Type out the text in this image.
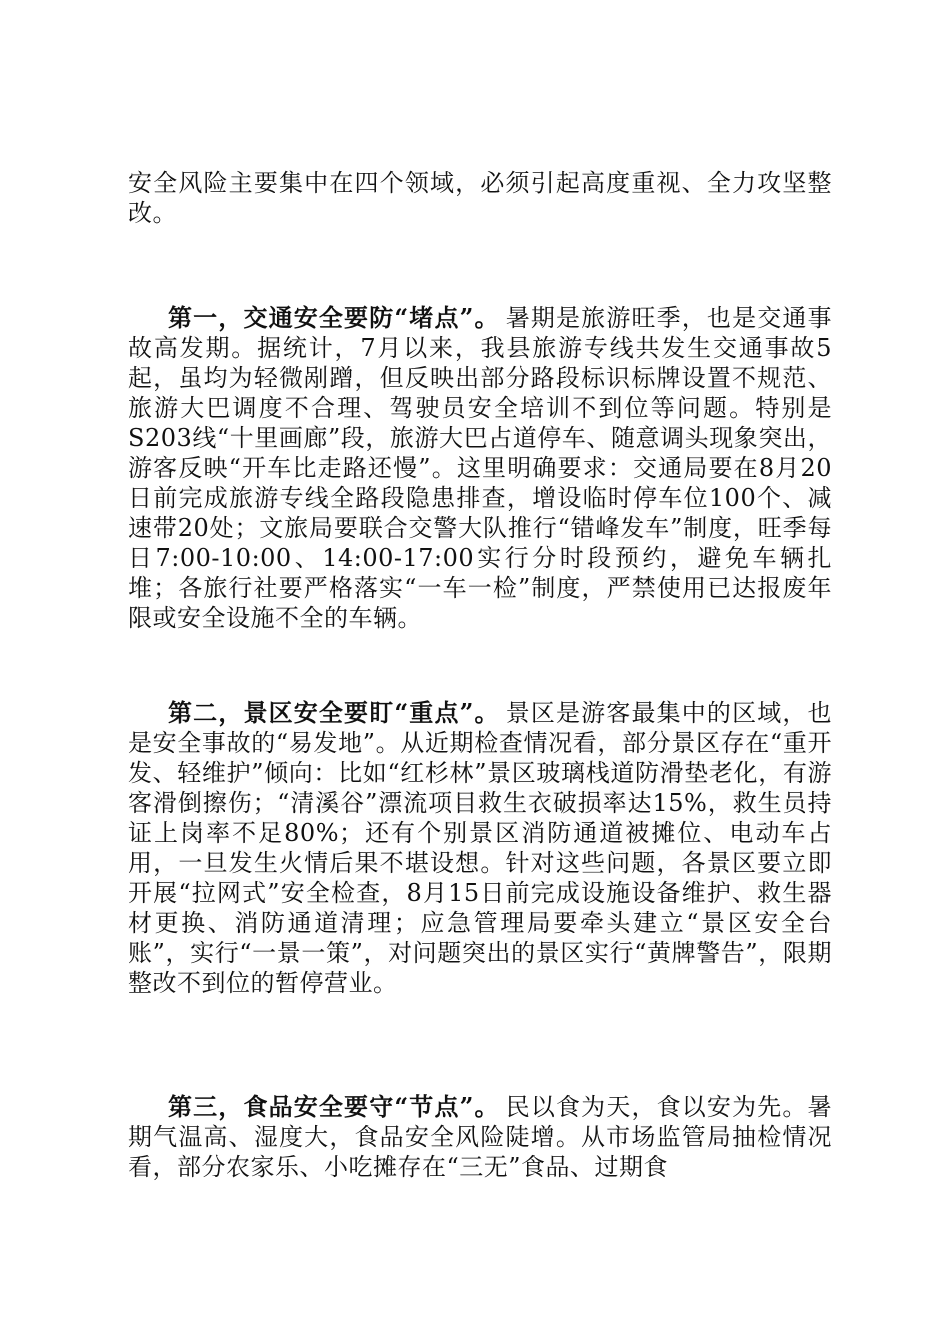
安全风险主要集中在四个领域，必须引起高度重视、全力攻坚整改。
第一，交通安全要防“堵点”。 暑期是旅游旺季，也是交通事故高发期。据统计，7月以来，我县旅游专线共发生交通事故5起，虽均为轻微剐蹭，但反映出部分路段标识标牌设置不规范、旅游大巴调度不合理、驾驶员安全培训不到位等问题。特别是S203线“十里画廊”段，旅游大巴占道停车、随意调头现象突出，游客反映“开车比走路还慢”。这里明确要求：交通局要在8月20日前完成旅游专线全路段隐患排查，增设临时停车位100个、减速带20处；文旅局要联合交警大队推行“错峰发车”制度，旺季每日7:00-10:00、14:00-17:00实行分时段预约，避免车辆扎堆；各旅行社要严格落实“一车一检”制度，严禁使用已达报废年限或安全设施不全的车辆。
第二，景区安全要盯“重点”。 景区是游客最集中的区域，也是安全事故的“易发地”。从近期检查情况看，部分景区存在“重开发、轻维护”倾向：比如“红杉林”景区玻璃栈道防滑垫老化，有游客滑倒擦伤；“清溪谷”漂流项目救生衣破损率达15%，救生员持证上岗率不足80%；还有个别景区消防通道被摊位、电动车占用，一旦发生火情后果不堪设想。针对这些问题，各景区要立即开展“拉网式”安全检查，8月15日前完成设施设备维护、救生器材更换、消防通道清理；应急管理局要牵头建立“景区安全台账”，实行“一景一策”，对问题突出的景区实行“黄牌警告”，限期整改不到位的暂停营业。
第三，食品安全要守“节点”。 民以食为天，食以安为先。暑期气温高、湿度大，食品安全风险陡增。从市场监管局抽检情况看，部分农家乐、小吃摊存在“三无”食品、过期食
